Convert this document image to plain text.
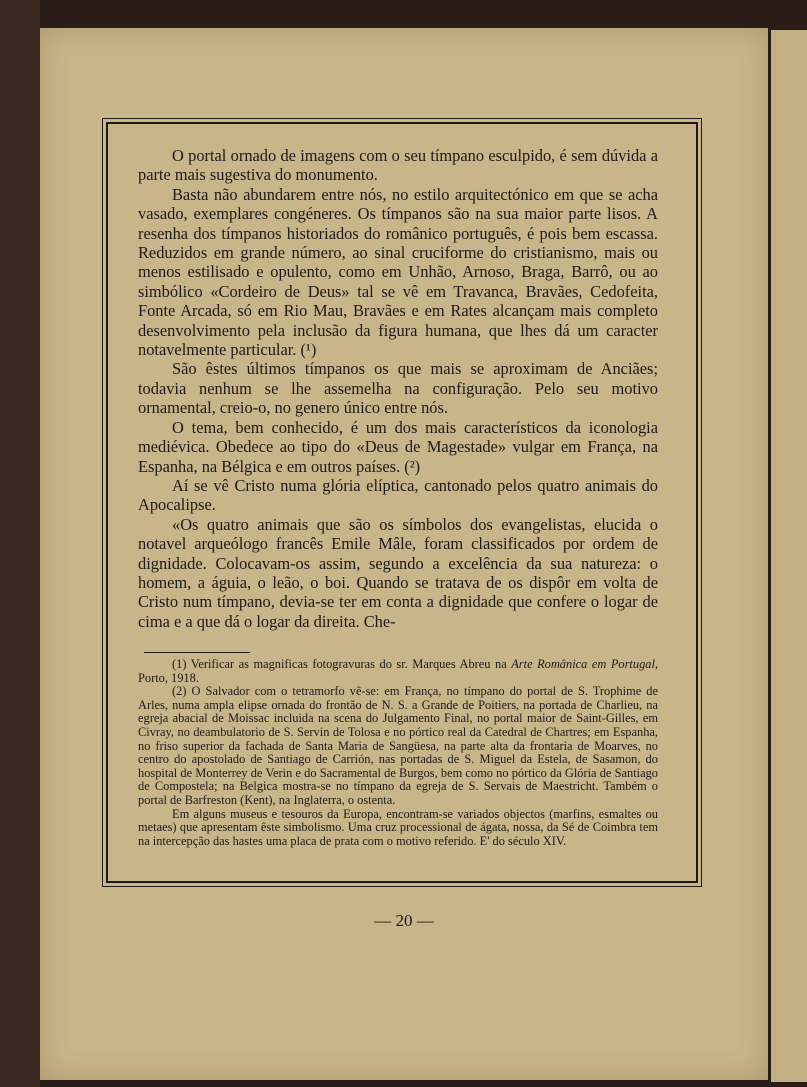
O portal ornado de imagens com o seu tímpano esculpido, é sem dúvida a parte mais sugestiva do monumento.

Basta não abundarem entre nós, no estilo arquitectónico em que se acha vasado, exemplares congéneres. Os tímpanos são na sua maior parte lisos. A resenha dos tímpanos historiados do românico português, é pois bem escassa. Reduzidos em grande número, ao sinal cruciforme do cristianismo, mais ou menos estilisado e opulento, como em Unhão, Arnoso, Braga, Barrô, ou ao simbólico «Cordeiro de Deus» tal se vê em Travanca, Bravães, Cedofeita, Fonte Arcada, só em Rio Mau, Bravães e em Rates alcançam mais completo desenvolvimento pela inclusão da figura humana, que lhes dá um caracter notavelmente particular. (¹)

São êstes últimos tímpanos os que mais se aproximam de Anciães; todavia nenhum se lhe assemelha na configuração. Pelo seu motivo ornamental, creio-o, no genero único entre nós.

O tema, bem conhecido, é um dos mais característicos da iconologia mediévica. Obedece ao tipo do «Deus de Magestade» vulgar em França, na Espanha, na Bélgica e em outros países. (²)

Aí se vê Cristo numa glória elíptica, cantonado pelos quatro animais do Apocalipse.

«Os quatro animais que são os símbolos dos evangelistas, elucida o notavel arqueólogo francês Emile Mâle, foram classificados por ordem de dignidade. Colocavam-os assim, segundo a excelência da sua natureza: o homem, a águia, o leão, o boi. Quando se tratava de os dispôr em volta de Cristo num tímpano, devia-se ter em conta a dignidade que confere o logar de cima e a que dá o logar da direita. Che-

(1) Verificar as magnificas fotogravuras do sr. Marques Abreu na Arte Românica em Portugal, Porto, 1918.

(2) O Salvador com o tetramorfo vê-se: em França, no tímpano do portal de S. Trophime de Arles, numa ampla elipse ornada do frontão de N. S. a Grande de Poitiers, na portada de Charlieu, na egreja abacial de Moissac incluida na scena do Julgamento Final, no portal maior de Saint-Gilles, em Civray, no deambulatorio de S. Servin de Tolosa e no pórtico real da Catedral de Chartres; em Espanha, no friso superior da fachada de Santa Maria de Sangüesa, na parte alta da frontaria de Moarves, no centro do apostolado de Santiago de Carrión, nas portadas de S. Miguel da Estela, de Sasamon, do hospital de Monterrey de Verin e do Sacramental de Burgos, bem como no pórtico da Glória de Santiago de Compostela; na Belgica mostra-se no tímpano da egreja de S. Servais de Maestricht. Também o portal de Barfreston (Kent), na Inglaterra, o ostenta.

Em alguns museus e tesouros da Europa, encontram-se variados objectos (marfins, esmaltes ou metaes) que apresentam êste simbolismo. Uma cruz processional de ágata, nossa, da Sé de Coimbra tem na intercepção das hastes uma placa de prata com o motivo referido. E' do século XIV.

— 20 —
